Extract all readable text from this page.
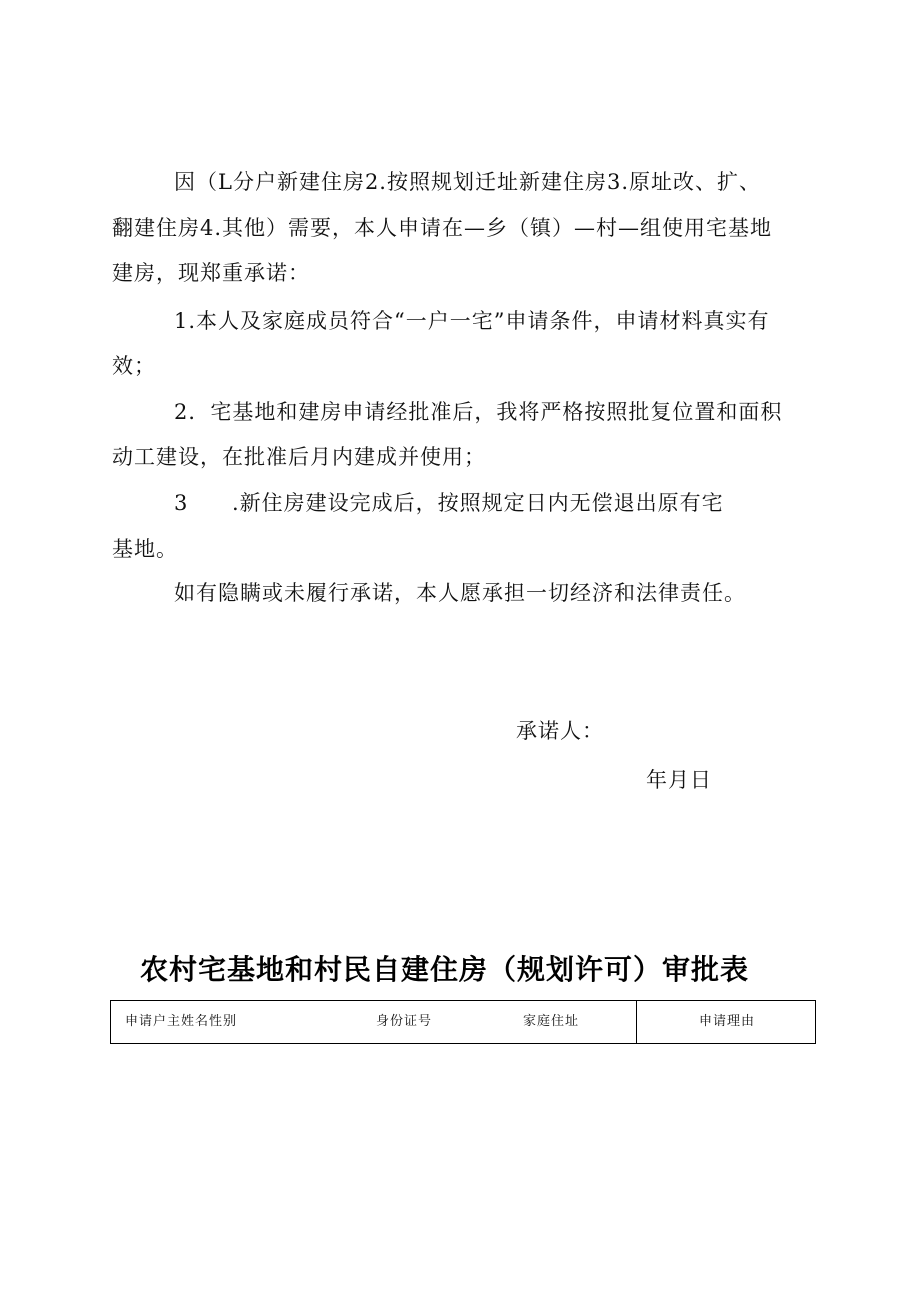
因（L分户新建住房2.按照规划迁址新建住房3.原址改、扩、
翻建住房4.其他）需要，本人申请在—乡（镇）—村—组使用宅基地
建房，现郑重承诺：
1.本人及家庭成员符合“一户一宅”申请条件，申请材料真实有
效；
2．宅基地和建房申请经批准后，我将严格按照批复位置和面积
动工建设，在批准后月内建成并使用；
3 .新住房建设完成后，按照规定日内无偿退出原有宅
基地。
如有隐瞒或未履行承诺，本人愿承担一切经济和法律责任。
承诺人：
年月日
农村宅基地和村民自建住房（规划许可）审批表
申请户主姓名性别	身份证号	家庭住址	申请理由
